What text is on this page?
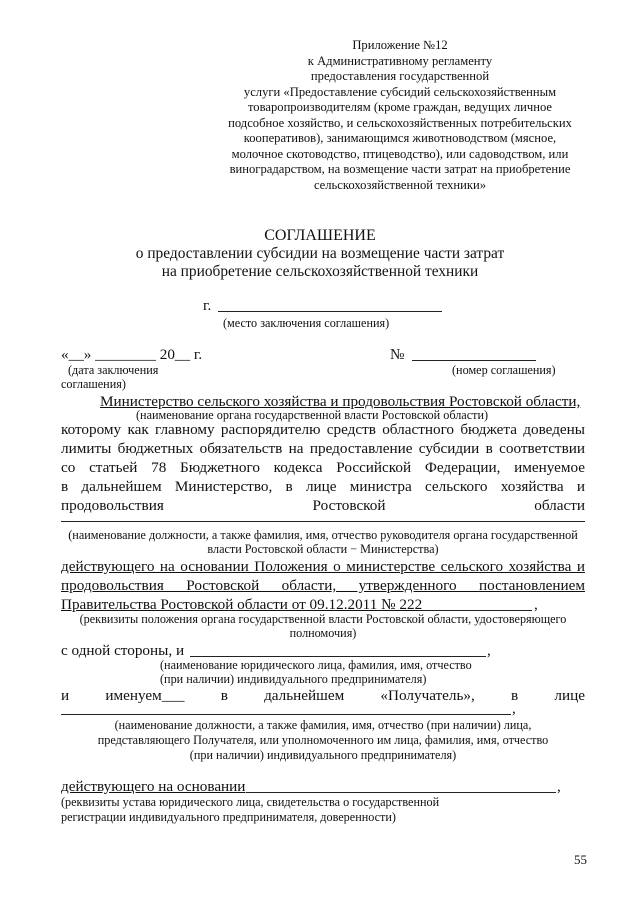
Приложение №12
к Административному регламенту
предоставления государственной
услуги «Предоставление субсидий сельскохозяйственным
товаропроизводителям (кроме граждан, ведущих личное
подсобное хозяйство, и сельскохозяйственных потребительских
кооперативов), занимающимся животноводством (мясное,
молочное скотоводство, птицеводство), или садоводством, или
виноградарством, на возмещение части затрат на приобретение
сельскохозяйственной техники»
СОГЛАШЕНИЕ
о предоставлении субсидии на возмещение части затрат
на приобретение сельскохозяйственной техники
г.
(место заключения соглашения)
«__» ________ 20__ г.
(дата заключения
соглашения)
№
(номер соглашения)
Министерство сельского хозяйства и продовольствия Ростовской области,
(наименование органа государственной власти Ростовской области)
которому как главному распорядителю средств областного бюджета доведены
лимиты бюджетных обязательств на предоставление субсидии в соответствии
со статьей 78 Бюджетного кодекса Российской Федерации, именуемое
в дальнейшем Министерство, в лице министра сельского хозяйства и
продовольствия Ростовской области
(наименование должности, а также фамилия, имя, отчество руководителя органа государственной
власти Ростовской области − Министерства)
действующего на основании Положения о министерстве сельского хозяйства и
продовольствия Ростовской области, утвержденного постановлением
Правительства Ростовской области от 09.12.2011 № 222	,
(реквизиты положения органа государственной власти Ростовской области, удостоверяющего
полномочия)
с одной стороны, и	,
(наименование юридического лица, фамилия, имя, отчество
(при наличии) индивидуального предпринимателя)
и именуем___ в дальнейшем «Получатель», в лице
,
(наименование должности, а также фамилия, имя, отчество (при наличии) лица,
представляющего Получателя, или уполномоченного им лица, фамилия, имя, отчество
(при наличии) индивидуального предпринимателя)
действующего на основании	,
(реквизиты устава юридического лица, свидетельства о государственной
регистрации индивидуального предпринимателя, доверенности)
55
